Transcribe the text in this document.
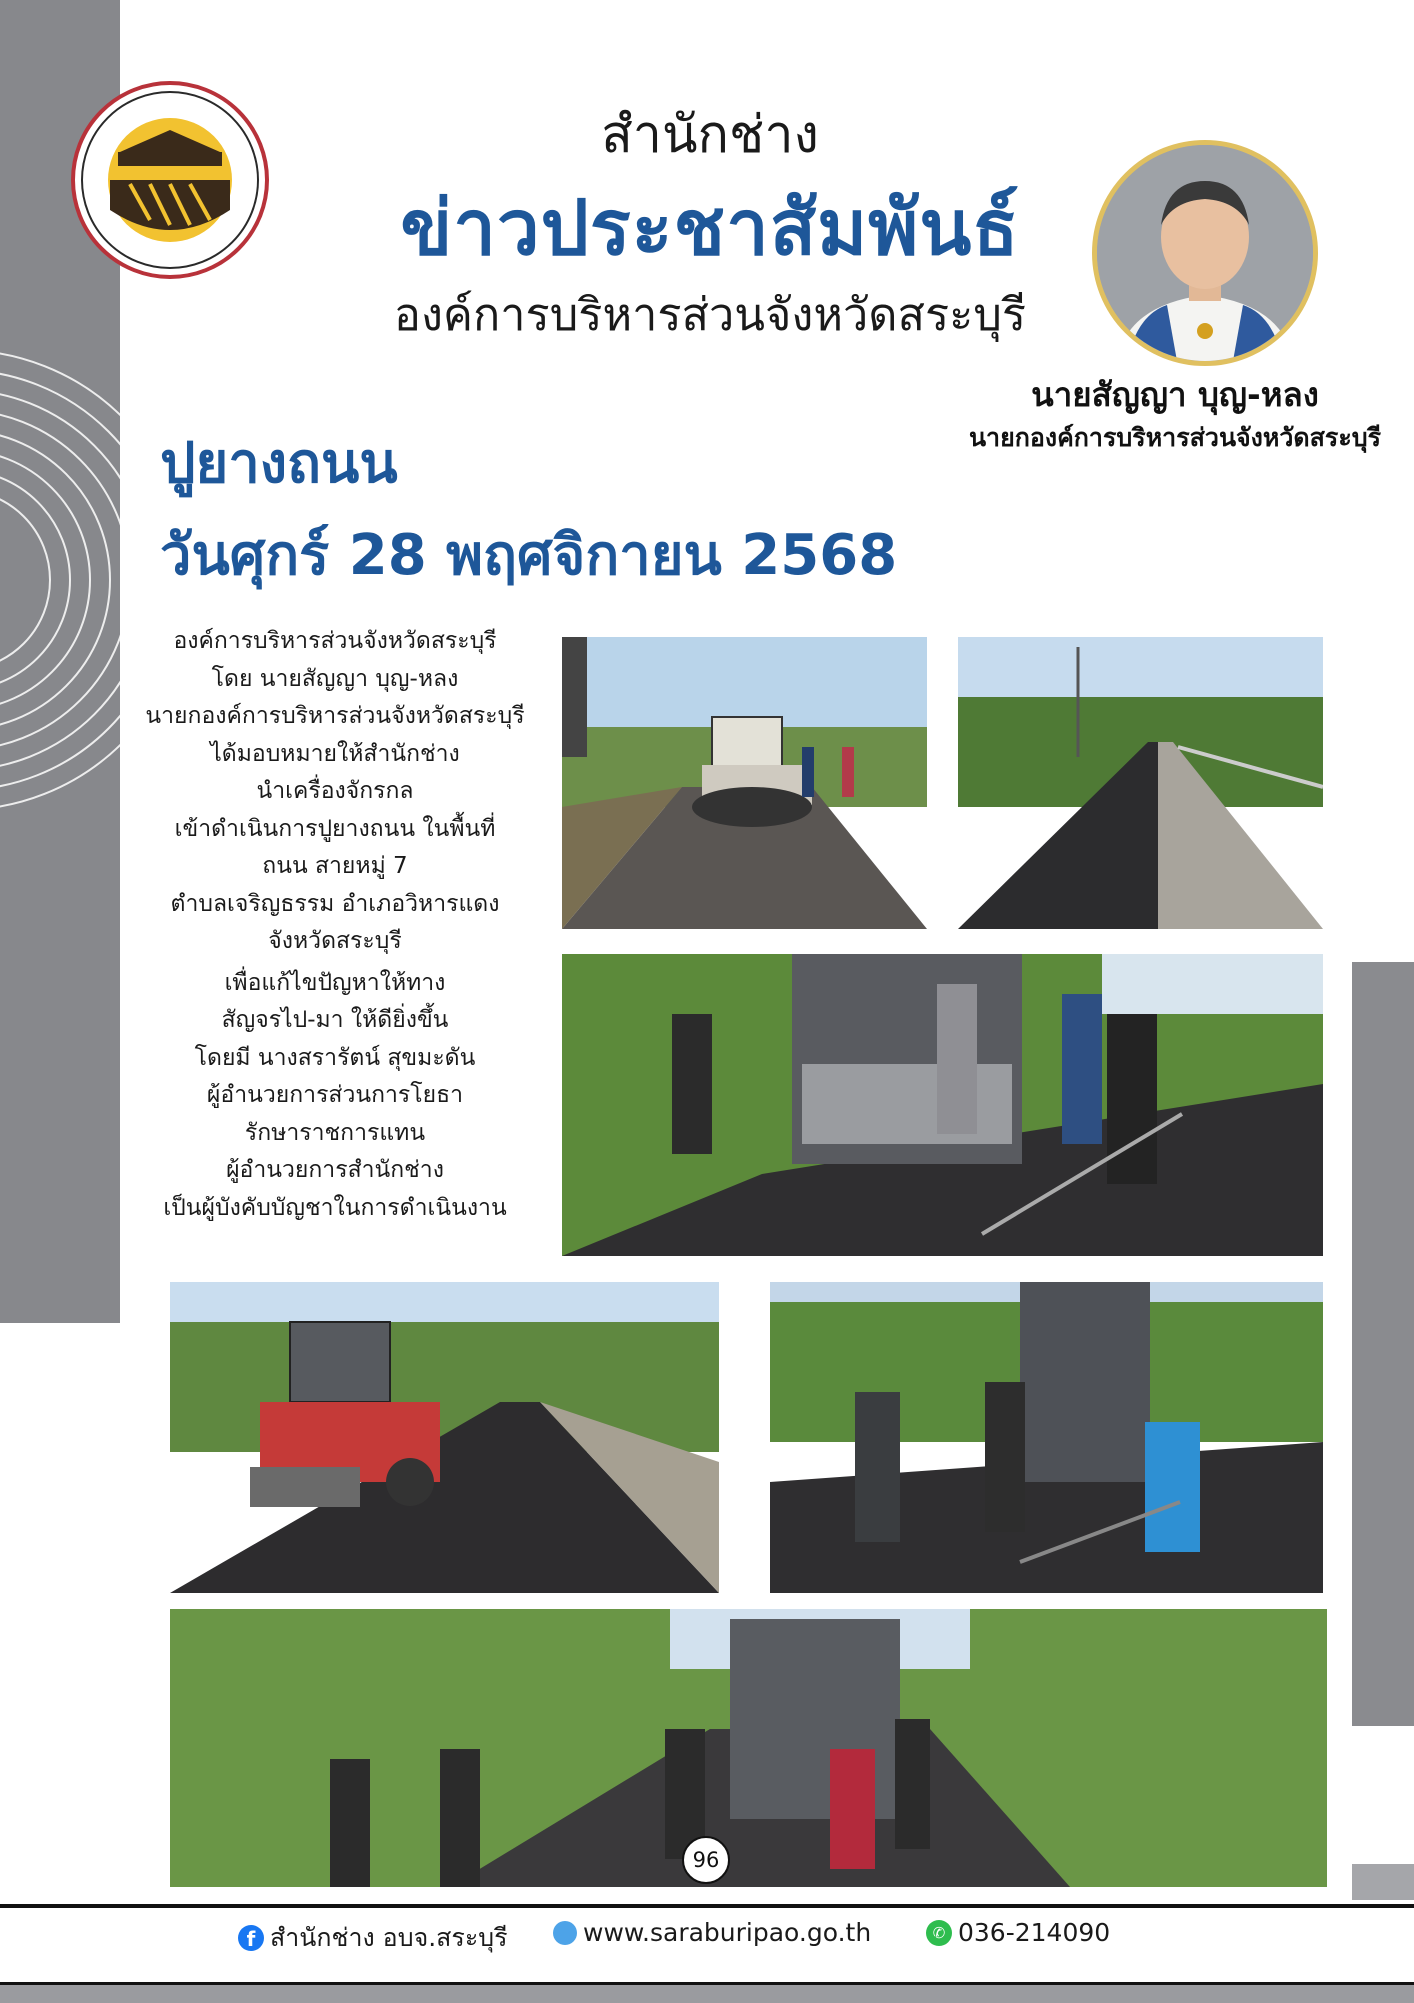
สำนักช่าง
ข่าวประชาสัมพันธ์
องค์การบริหารส่วนจังหวัดสระบุรี
นายสัญญา บุญ-หลง
นายกองค์การบริหารส่วนจังหวัดสระบุรี
ปูยางถนน
วันศุกร์ 28 พฤศจิกายน 2568
องค์การบริหารส่วนจังหวัดสระบุรี
โดย นายสัญญา บุญ-หลง
นายกองค์การบริหารส่วนจังหวัดสระบุรี
ได้มอบหมายให้สำนักช่าง
นำเครื่องจักรกล
เข้าดำเนินการปูยางถนน ในพื้นที่
ถนน สายหมู่ 7
ตำบลเจริญธรรม อำเภอวิหารแดง
จังหวัดสระบุรี
เพื่อแก้ไขปัญหาให้ทาง
สัญจรไป-มา ให้ดียิ่งขึ้น
โดยมี นางสรารัตน์ สุขมะดัน
ผู้อำนวยการส่วนการโยธา
รักษาราชการแทน
ผู้อำนวยการสำนักช่าง
เป็นผู้บังคับบัญชาในการดำเนินงาน
96
f สำนักช่าง อบจ.สระบุรี	www.saraburipao.go.th	✆ 036-214090
